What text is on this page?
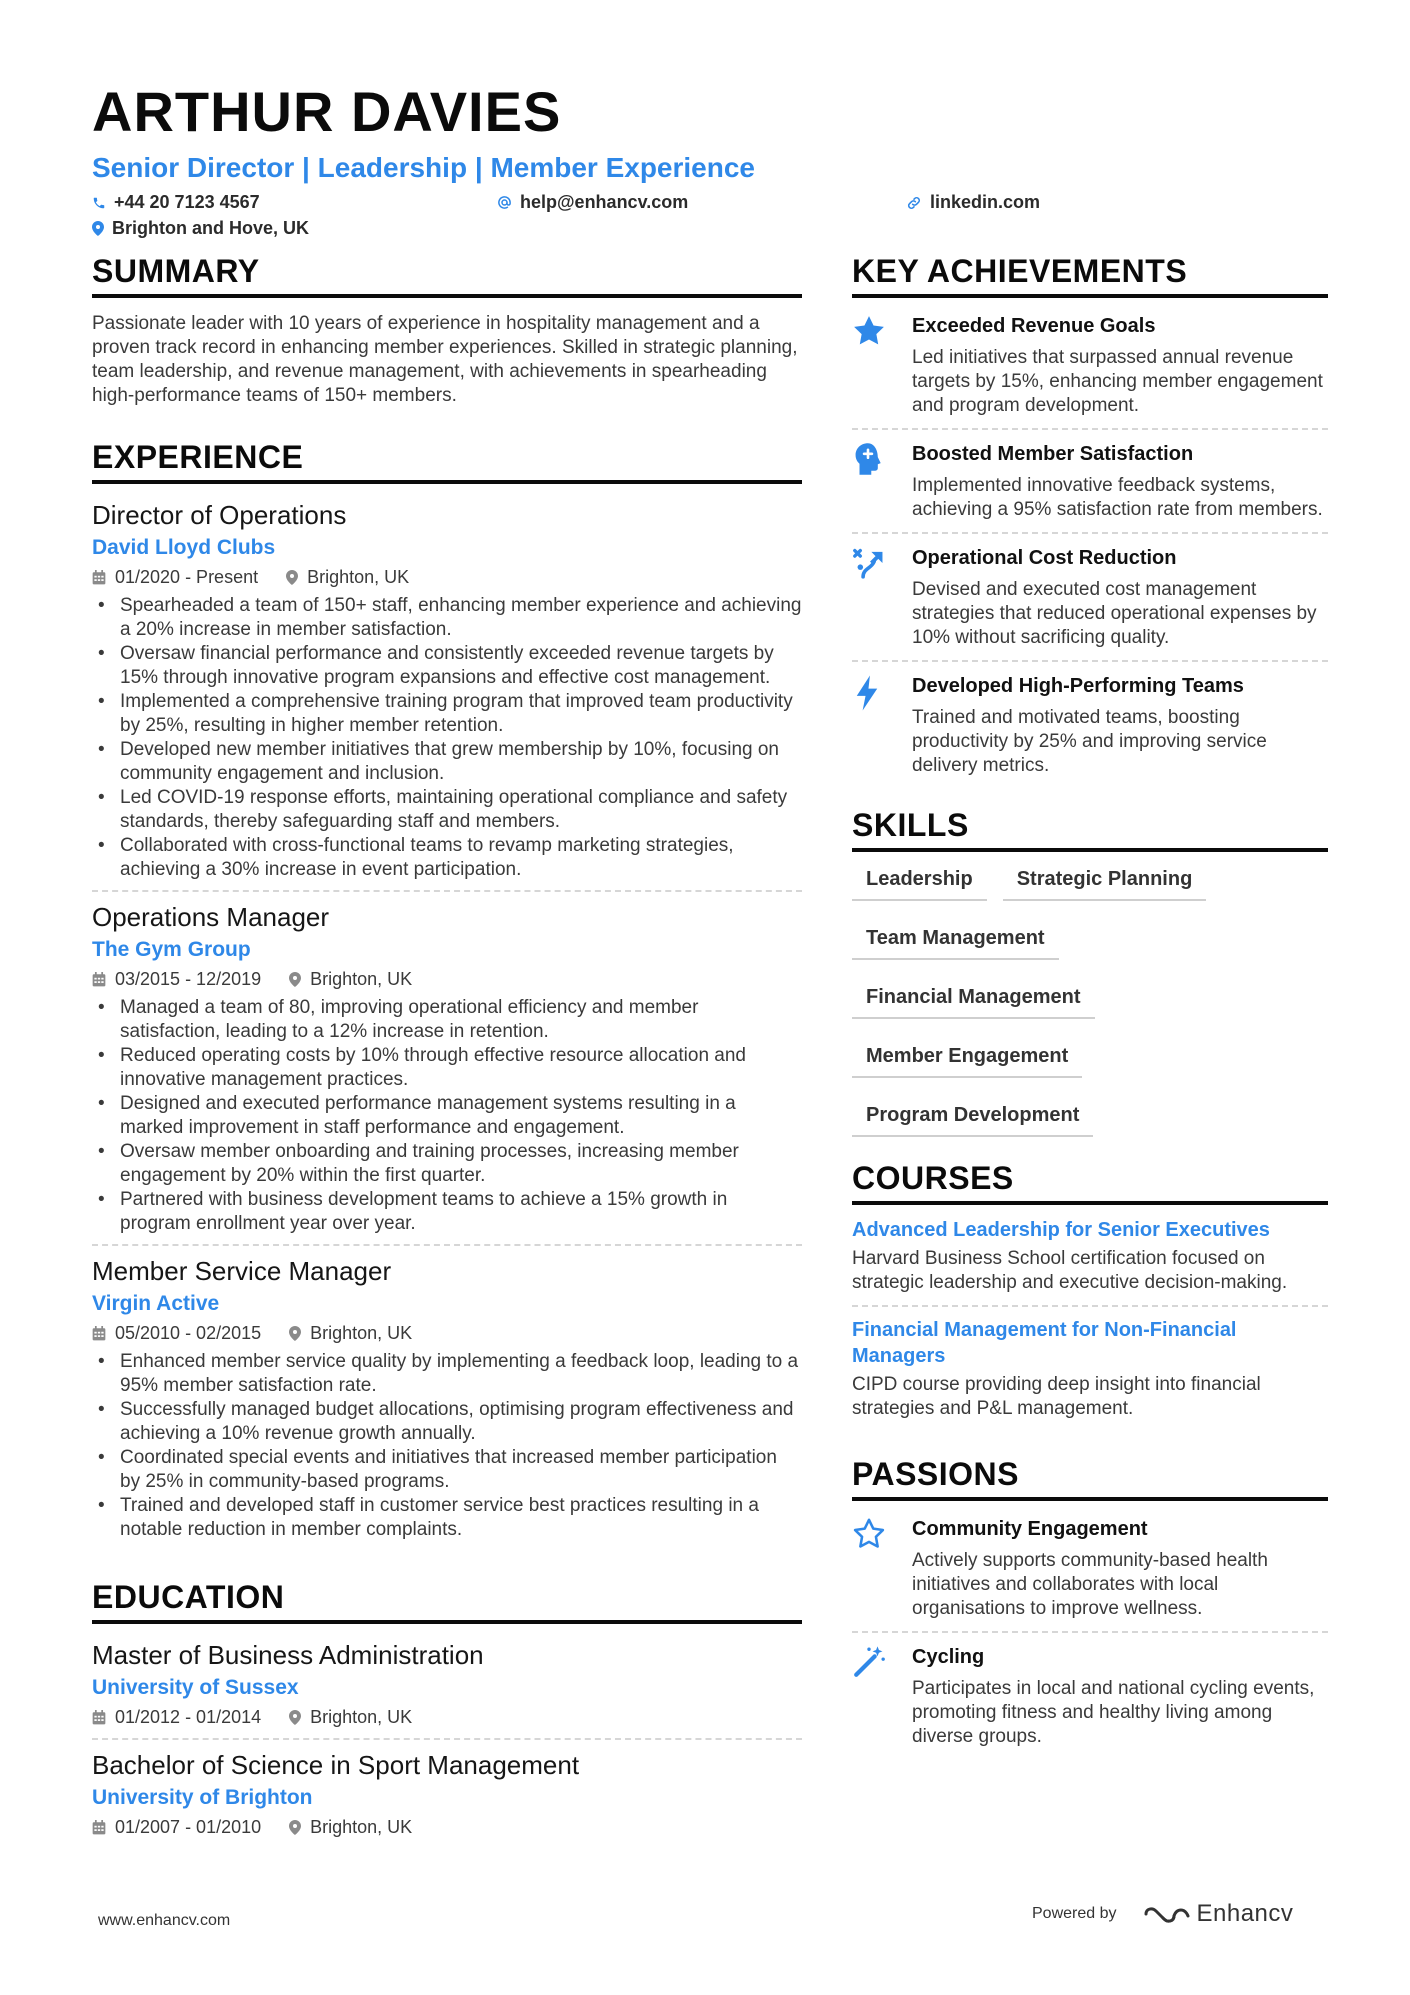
ARTHUR DAVIES
Senior Director | Leadership | Member Experience
+44 20 7123 4567	help@enhancv.com	linkedin.com
Brighton and Hove, UK
SUMMARY

Passionate leader with 10 years of experience in hospitality management and a proven track record in enhancing member experiences. Skilled in strategic planning, team leadership, and revenue management, with achievements in spearheading high-performance teams of 150+ members.

EXPERIENCE
Director of Operations
David Lloyd Clubs
01/2020 - Present	Brighton, UK
• Spearheaded a team of 150+ staff, enhancing member experience and achieving a 20% increase in member satisfaction.
• Oversaw financial performance and consistently exceeded revenue targets by 15% through innovative program expansions and effective cost management.
• Implemented a comprehensive training program that improved team productivity by 25%, resulting in higher member retention.
• Developed new member initiatives that grew membership by 10%, focusing on community engagement and inclusion.
• Led COVID-19 response efforts, maintaining operational compliance and safety standards, thereby safeguarding staff and members.
• Collaborated with cross-functional teams to revamp marketing strategies, achieving a 30% increase in event participation.
Operations Manager
The Gym Group
03/2015 - 12/2019	Brighton, UK
• Managed a team of 80, improving operational efficiency and member satisfaction, leading to a 12% increase in retention.
• Reduced operating costs by 10% through effective resource allocation and innovative management practices.
• Designed and executed performance management systems resulting in a marked improvement in staff performance and engagement.
• Oversaw member onboarding and training processes, increasing member engagement by 20% within the first quarter.
• Partnered with business development teams to achieve a 15% growth in program enrollment year over year.
Member Service Manager
Virgin Active
05/2010 - 02/2015	Brighton, UK
• Enhanced member service quality by implementing a feedback loop, leading to a 95% member satisfaction rate.
• Successfully managed budget allocations, optimising program effectiveness and achieving a 10% revenue growth annually.
• Coordinated special events and initiatives that increased member participation by 25% in community-based programs.
• Trained and developed staff in customer service best practices resulting in a notable reduction in member complaints.
EDUCATION
Master of Business Administration
University of Sussex
01/2012 - 01/2014	Brighton, UK
Bachelor of Science in Sport Management
University of Brighton
01/2007 - 01/2010	Brighton, UK
KEY ACHIEVEMENTS
Exceeded Revenue Goals
Led initiatives that surpassed annual revenue targets by 15%, enhancing member engagement and program development.
Boosted Member Satisfaction
Implemented innovative feedback systems, achieving a 95% satisfaction rate from members.
Operational Cost Reduction
Devised and executed cost management strategies that reduced operational expenses by 10% without sacrificing quality.
Developed High-Performing Teams
Trained and motivated teams, boosting productivity by 25% and improving service delivery metrics.
SKILLS
Leadership	Strategic Planning
Team Management
Financial Management
Member Engagement
Program Development
COURSES
Advanced Leadership for Senior Executives
Harvard Business School certification focused on strategic leadership and executive decision-making.
Financial Management for Non-Financial Managers
CIPD course providing deep insight into financial strategies and P&L management.
PASSIONS
Community Engagement
Actively supports community-based health initiatives and collaborates with local organisations to improve wellness.
Cycling
Participates in local and national cycling events, promoting fitness and healthy living among diverse groups.
www.enhancv.com	Powered by	Enhancv
